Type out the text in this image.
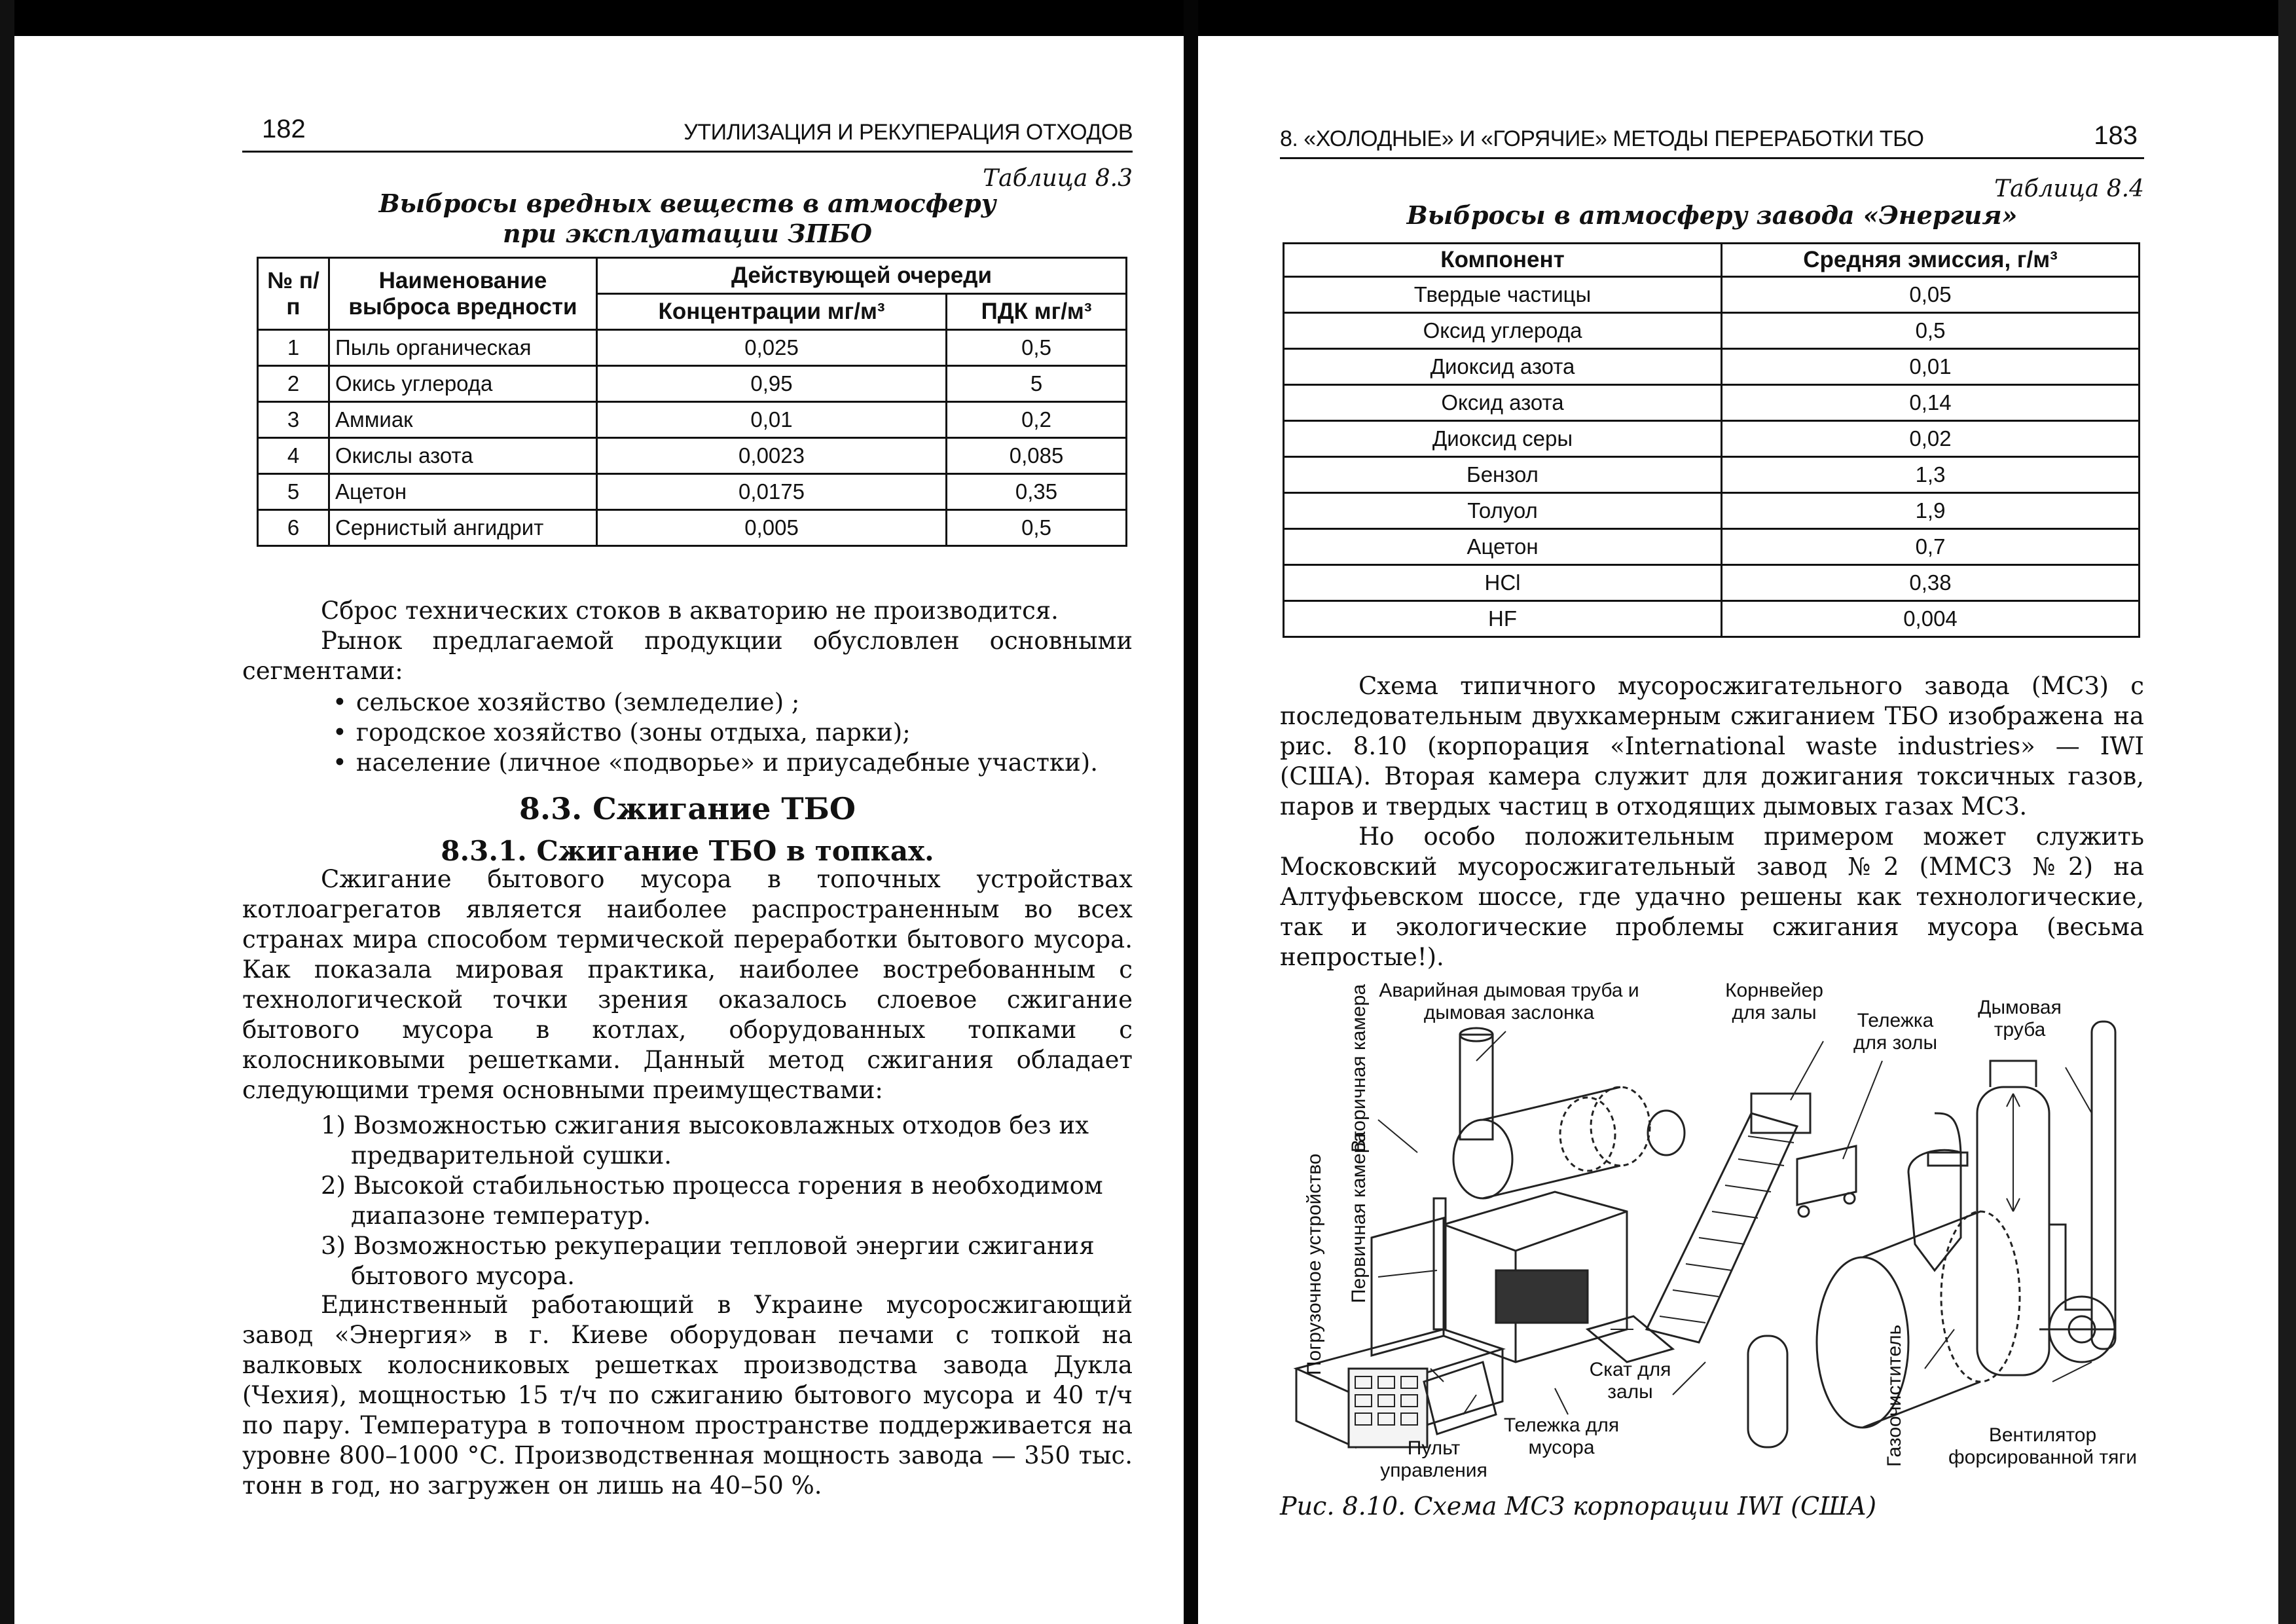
182	УТИЛИЗАЦИЯ И РЕКУПЕРАЦИЯ ОТХОДОВ
Таблица 8.3
Выбросы вредных веществ в атмосферу
при эксплуатации ЗПБО
№ п/п	Наименование выброса вредности	Действующей очереди	
		Концентрации мг/м³	ПДК мг/м³
1	Пыль органическая	0,025	0,5
2	Окись углерода	0,95	5
3	Аммиак	0,01	0,2
4	Окислы азота	0,0023	0,085
5	Ацетон	0,0175	0,35
6	Сернистый ангидрит	0,005	0,5

Сброс технических стоков в акваторию не производится.

Рынок предлагаемой продукции обусловлен основными сегментами:

• сельское хозяйство (земледелие) ;
• городское хозяйство (зоны отдыха, парки);
• население (личное «подворье» и приусадебные участки).
8.3. Сжигание ТБО
8.3.1. Сжигание ТБО в топках.

Сжигание бытового мусора в топочных устройствах котлоагрегатов является наиболее распространенным во всех странах мира способом термической переработки бытового мусора. Как показала мировая практика, наиболее востребованным с технологической точки зрения оказалось слоевое сжигание бытового мусора в котлах, оборудованных топками с колосниковыми решетками. Данный метод сжигания обладает следующими тремя основными преимуществами:

1) Возможностью сжигания высоковлажных отходов без их предварительной сушки.
2) Высокой стабильностью процесса горения в необходимом диапазоне температур.
3) Возможностью рекуперации тепловой энергии сжигания бытового мусора.

Единственный работающий в Украине мусоросжигающий завод «Энергия» в г. Киеве оборудован печами с топкой на валковых колосниковых решетках производства завода Дукла (Чехия), мощностью 15 т/ч по сжиганию бытового мусора и 40 т/ч по пару. Температура в топочном пространстве поддерживается на уровне 800–1000 °С. Производственная мощность завода — 350 тыс. тонн в год, но загружен он лишь на 40–50 %.

8. «ХОЛОДНЫЕ» И «ГОРЯЧИЕ» МЕТОДЫ ПЕРЕРАБОТКИ ТБО	183
Таблица 8.4
Выбросы в атмосферу завода «Энергия»
Компонент	Средняя эмиссия, г/м³
Твердые частицы	0,05
Оксид углерода	0,5
Диоксид азота	0,01
Оксид азота	0,14
Диоксид серы	0,02
Бензол	1,3
Толуол	1,9
Ацетон	0,7
HCl	0,38
HF	0,004

Схема типичного мусоросжигательного завода (МСЗ) с последовательным двухкамерным сжиганием ТБО изображена на рис. 8.10 (корпорация «International waste industries» — IWI (США). Вторая камера служит для дожигания токсичных газов, паров и твердых частиц в отходящих дымовых газах МСЗ.

Но особо положительным примером может служить Московский мусоросжигательный завод №2 (ММСЗ №2) на Алтуфьевском шоссе, где удачно решены как технологические, так и экологические проблемы сжигания мусора (весьма непростые!).

Аварийная дымовая труба и дымовая заслонка
Корнвейер для залы	Тележка для золы
Дымовая труба
Вторичная камера
Первичная камера
Погрузочное устройство	Скат для залы
Тележка для мусора
Пульт управления
Газоочиститель	Вентилятор форсированной тяги
Рис. 8.10. Схема МСЗ корпорации IWI (США)
